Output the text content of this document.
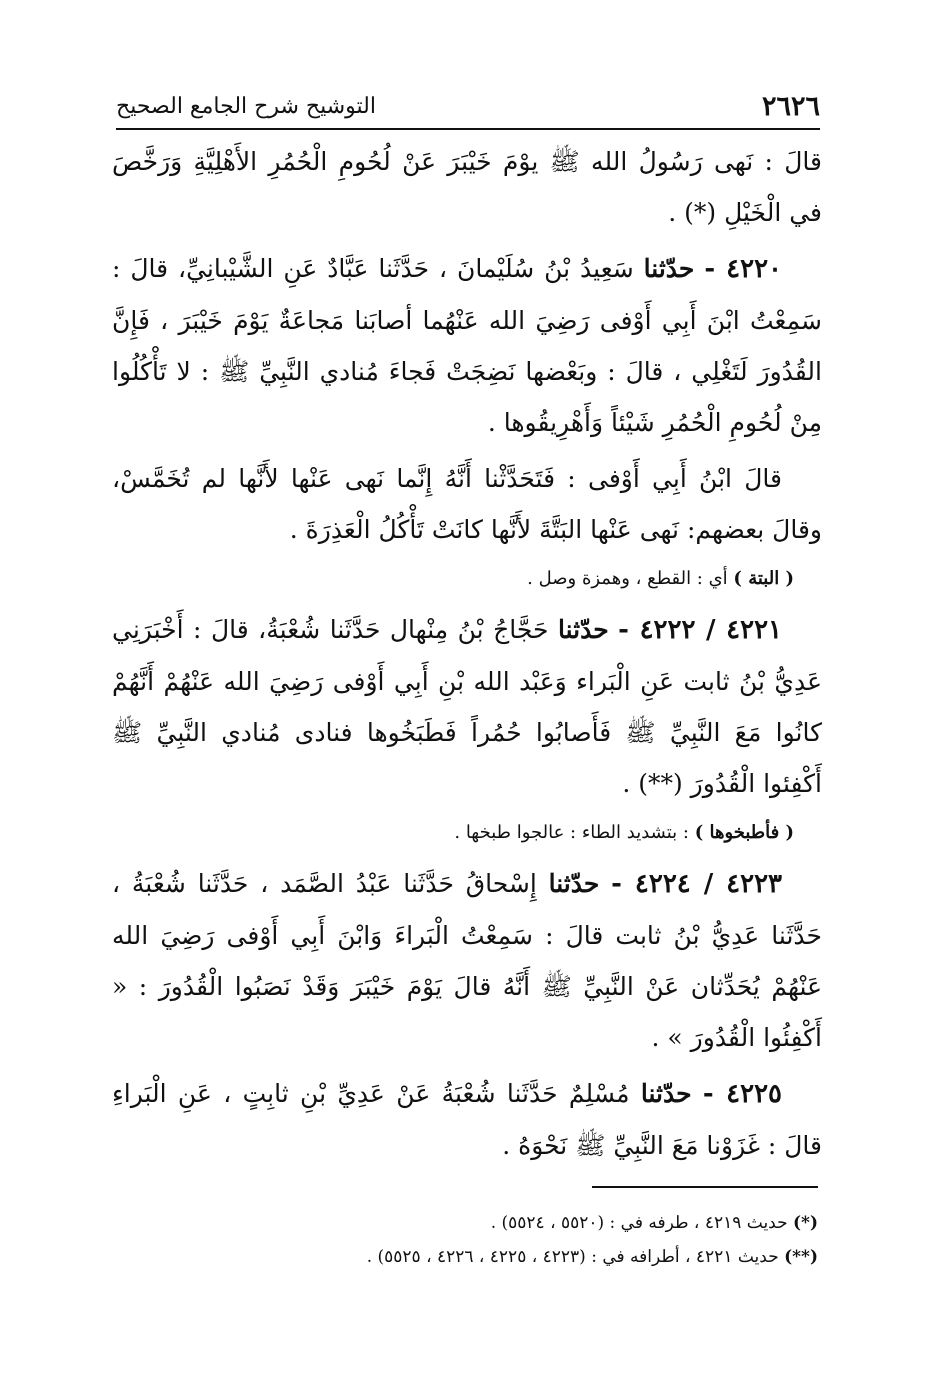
٢٦٢٦
التوشيح شرح الجامع الصحيح

قالَ : نَهى رَسُولُ الله ﷺ يوْمَ خَيْبَرَ عَنْ لُحُومِ الْحُمُرِ الأَهْلِيَّةِ وَرَخَّصَ في الْخَيْلِ (*) .

٤٢٢٠ - حدّثنا سَعِيدُ بْنُ سُلَيْمانَ ، حَدَّثَنا عَبَّادٌ عَنِ الشَّيْبانِيِّ، قالَ : سَمِعْتُ ابْنَ أَبِي أَوْفى رَضِيَ الله عَنْهُما أصابَنا مَجاعَةٌ يَوْمَ خَيْبَرَ ، فَإِنَّ القُدُورَ لَتَغْلِي ، قالَ : وبَعْضها نَضِجَتْ فَجاءَ مُنادي النَّبِيِّ ﷺ : لا تَأْكُلُوا مِنْ لُحُومِ الْحُمُرِ شَيْئاً وَأَهْرِيقُوها .

قالَ ابْنُ أَبِي أَوْفى : فَتَحَدَّثْنا أَنَّهُ إِنَّما نَهى عَنْها لأَنَّها لم تُخَمَّسْ، وقالَ بعضهم: نَهى عَنْها البَتَّةَ لأَنَّها كانَتْ تَأْكُلُ الْعَذِرَةَ .

( البتة ) أي : القطع ، وهمزة وصل .

٤٢٢١ / ٤٢٢٢ - حدّثنا حَجَّاجُ بْنُ مِنْهال حَدَّثَنا شُعْبَةُ، قالَ : أَخْبَرَنِي عَدِيُّ بْنُ ثابت عَنِ الْبَراء وَعَبْد الله بْنِ أَبِي أَوْفى رَضِيَ الله عَنْهُمْ أَنَّهُمْ كانُوا مَعَ النَّبِيِّ ﷺ فَأَصابُوا حُمُراً فَطَبَخُوها فنادى مُنادي النَّبِيِّ ﷺ أَكْفِئوا الْقُدُورَ (**) .

( فأطبخوها ) : بتشديد الطاء : عالجوا طبخها .

٤٢٢٣ / ٤٢٢٤ - حدّثنا إِسْحاقُ حَدَّثَنا عَبْدُ الصَّمَد ، حَدَّثَنا شُعْبَةُ ، حَدَّثَنا عَدِيُّ بْنُ ثابت قالَ : سَمِعْتُ الْبَراءَ وَابْنَ أَبِي أَوْفى رَضِيَ الله عَنْهُمْ يُحَدِّثان عَنْ النَّبِيِّ ﷺ أَنَّهُ قالَ يَوْمَ خَيْبَرَ وَقَدْ نَصَبُوا الْقُدُورَ : « أَكْفِئُوا الْقُدُورَ » .

٤٢٢٥ - حدّثنا مُسْلِمٌ حَدَّثَنا شُعْبَةُ عَنْ عَدِيِّ بْنِ ثابِتٍ ، عَنِ الْبَراءِ قالَ : غَزَوْنا مَعَ النَّبِيِّ ﷺ نَحْوَهُ .

(*) حديث ٤٢١٩ ، طرفه في : (٥٥٢٠ ، ٥٥٢٤) .

(**) حديث ٤٢٢١ ، أطرافه في : (٤٢٢٣ ، ٤٢٢٥ ، ٤٢٢٦ ، ٥٥٢٥) .
